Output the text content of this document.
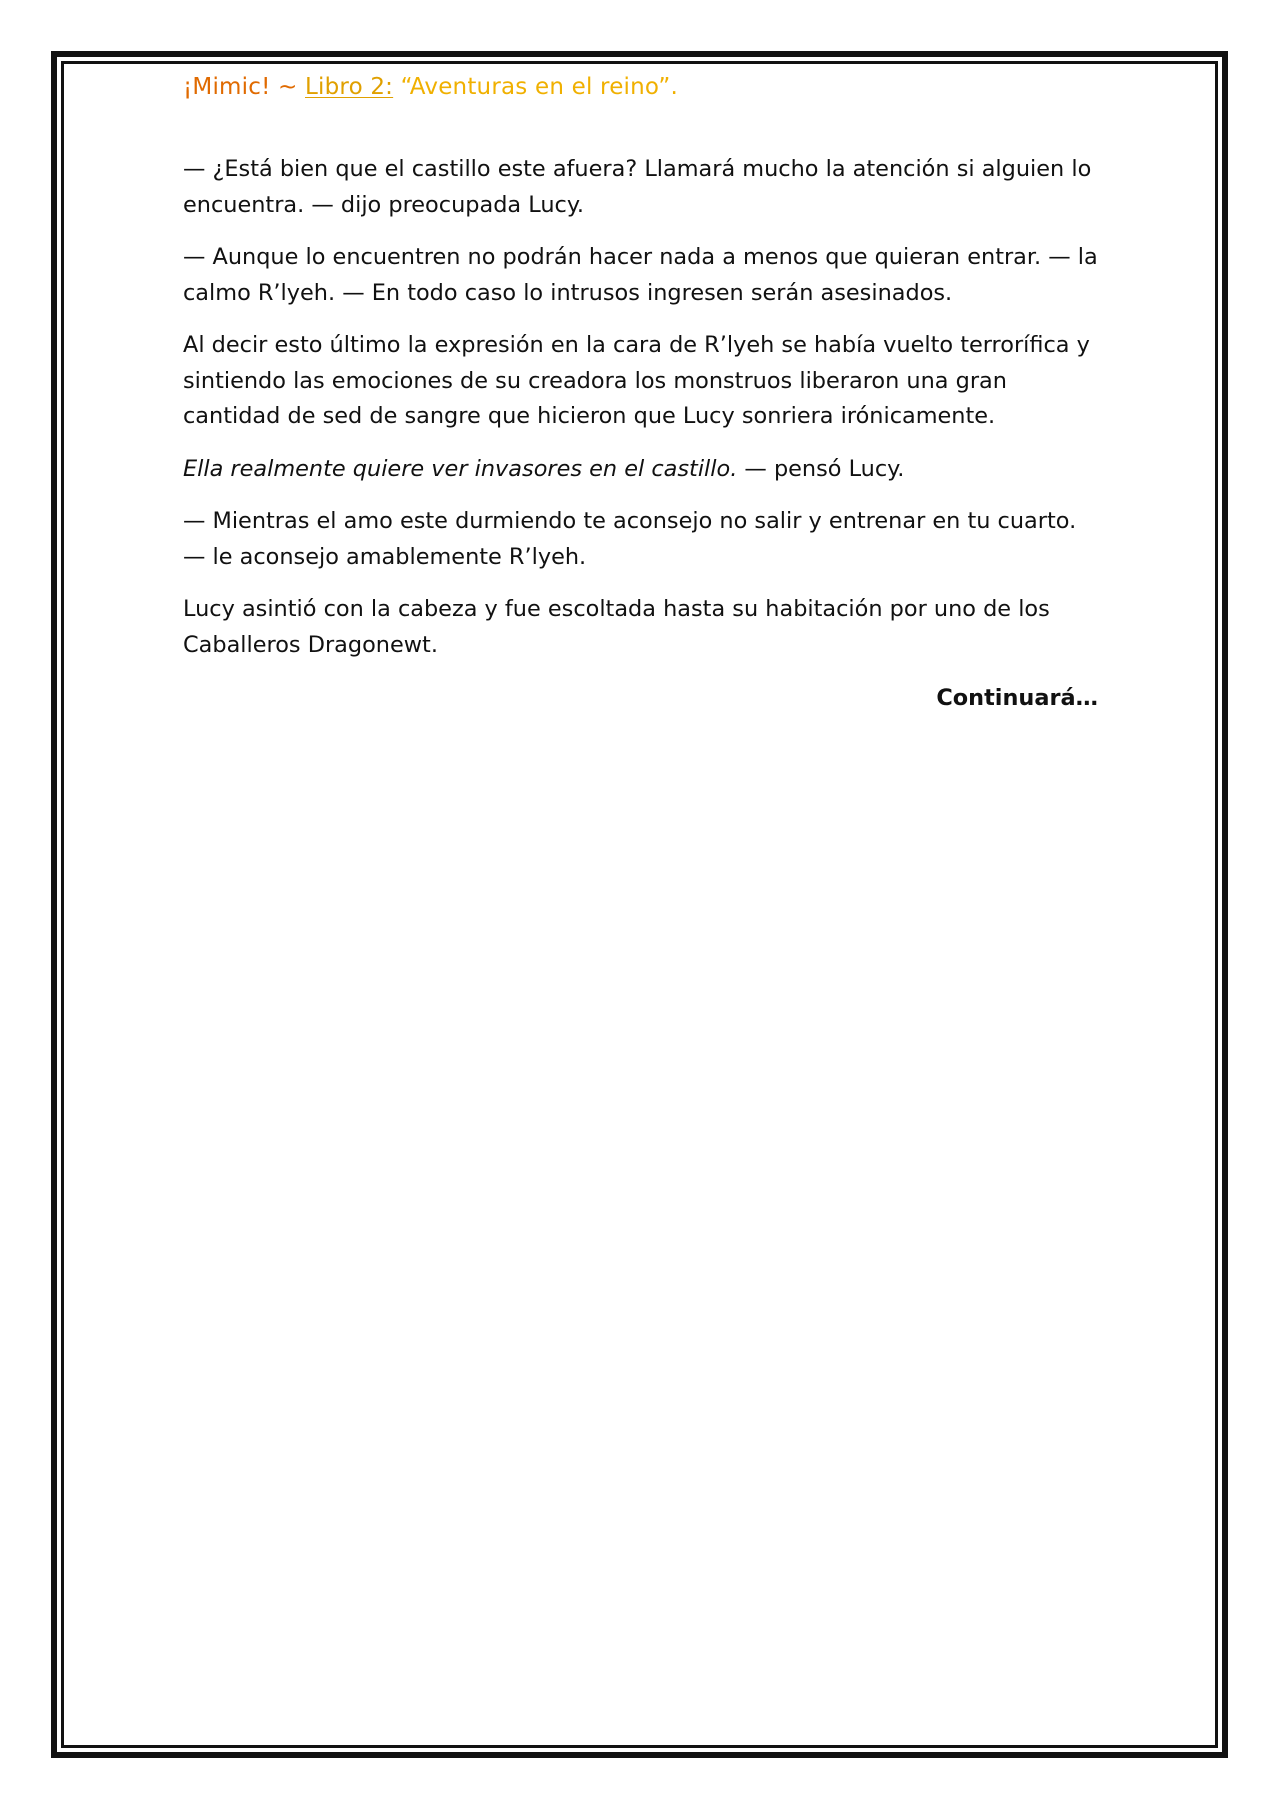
¡Mimic! ~ Libro 2: “Aventuras en el reino”.

— ¿Está bien que el castillo este afuera? Llamará mucho la atención si alguien lo encuentra. — dijo preocupada Lucy.

— Aunque lo encuentren no podrán hacer nada a menos que quieran entrar. — la calmo R’lyeh. — En todo caso lo intrusos ingresen serán asesinados.

Al decir esto último la expresión en la cara de R’lyeh se había vuelto terrorífica y sintiendo las emociones de su creadora los monstruos liberaron una gran cantidad de sed de sangre que hicieron que Lucy sonriera irónicamente.

Ella realmente quiere ver invasores en el castillo. — pensó Lucy.

— Mientras el amo este durmiendo te aconsejo no salir y entrenar en tu cuarto. — le aconsejo amablemente R’lyeh.

Lucy asintió con la cabeza y fue escoltada hasta su habitación por uno de los Caballeros Dragonewt.

Continuará…
